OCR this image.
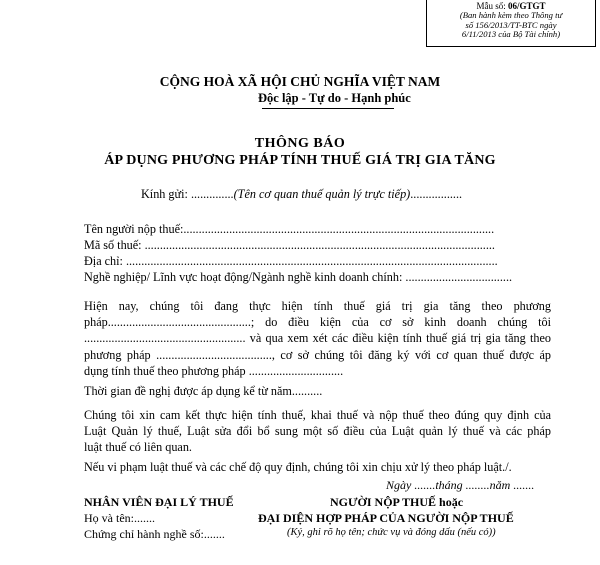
Mẫu số: 06/GTGT
(Ban hành kèm theo Thông tư
số 156/2013/TT-BTC ngày
6/11/2013 của Bộ Tài chính)
CỘNG HOÀ XÃ HỘI CHỦ NGHĨA VIỆT NAM
Độc lập - Tự do - Hạnh phúc
THÔNG BÁO
ÁP DỤNG PHƯƠNG PHÁP TÍNH THUẾ GIÁ TRỊ GIA TĂNG
Kính gửi: ..............(Tên cơ quan thuế quản lý trực tiếp).................
Tên người nộp thuế:......................................................................................................
Mã số thuế: ...................................................................................................................
Địa chỉ: ..........................................................................................................................
Nghề nghiệp/ Lĩnh vực hoạt động/Ngành nghề kinh doanh chính: ...................................
Hiện nay, chúng tôi đang thực hiện tính thuế giá trị gia tăng theo phương
pháp...............................................; do điều kiện của cơ sở kinh doanh chúng tôi
..................................................... và qua xem xét các điều kiện tính thuế giá trị gia tăng theo
phương pháp ......................................, cơ sở chúng tôi đăng ký với cơ quan thuế được áp
dụng tính thuế theo phương pháp ...............................
Thời gian đề nghị được áp dụng kể từ năm..........
Chúng tôi xin cam kết thực hiện tính thuế, khai thuế và nộp thuế theo đúng quy định của
Luật Quản lý thuế, Luật sửa đổi bổ sung một số điều của Luật quản lý thuế và các pháp
luật thuế có liên quan.
Nếu vi phạm luật thuế và các chế độ quy định, chúng tôi xin chịu xử lý theo pháp luật./.
Ngày .......tháng ........năm .......
NHÂN VIÊN ĐẠI LÝ THUẾ
Họ và tên:.......
Chứng chỉ hành nghề số:.......
NGƯỜI NỘP THUẾ hoặc
ĐẠI DIỆN HỢP PHÁP CỦA NGƯỜI NỘP THUẾ
(Ký, ghi rõ họ tên; chức vụ và đóng dấu (nếu có))
